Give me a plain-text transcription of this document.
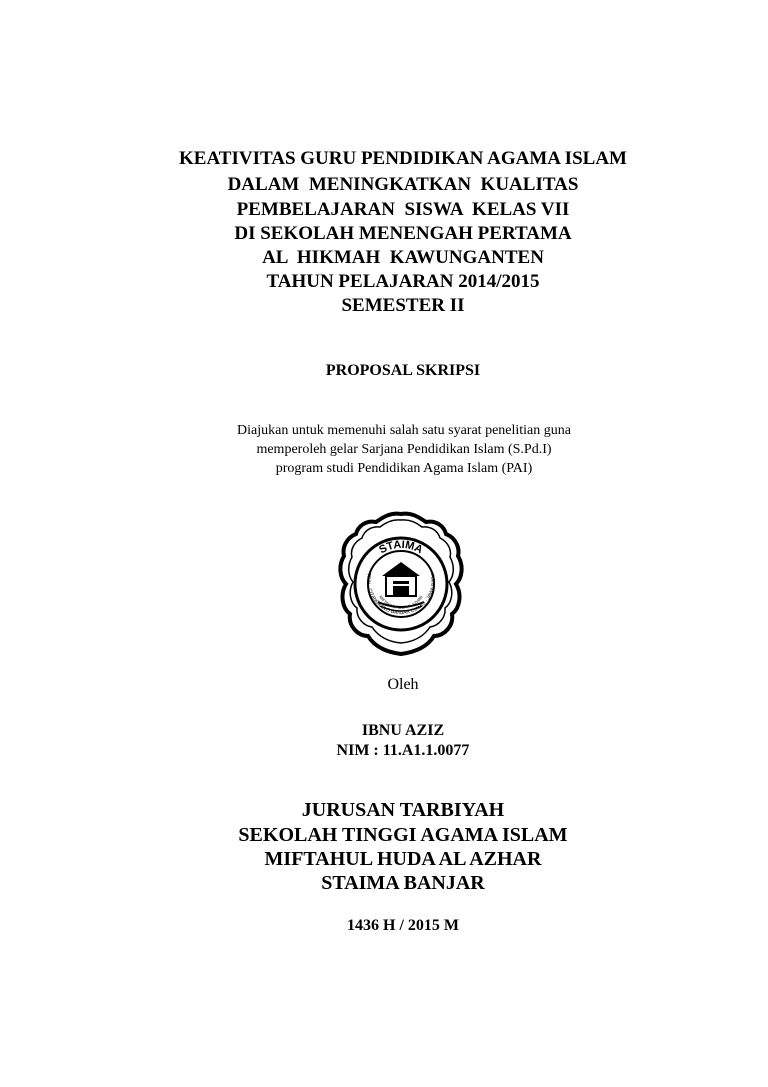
KEATIVITAS GURU PENDIDIKAN AGAMA ISLAM
DALAM  MENINGKATKAN  KUALITAS
PEMBELAJARAN  SISWA  KELAS VII
DI SEKOLAH MENENGAH PERTAMA
AL  HIKMAH  KAWUNGANTEN
TAHUN PELAJARAN 2014/2015
SEMESTER II
PROPOSAL SKRIPSI
Diajukan untuk memenuhi salah satu syarat penelitian guna
memperoleh gelar Sarjana Pendidikan Islam (S.Pd.I)
program studi Pendidikan Agama Islam (PAI)
STAIMA
TRIN · CITANGKOLO BANJAR CIAMIS · JAWA BARA
MIFTAHUL HUDA AL AZHAR
Oleh
IBNU AZIZ
NIM : 11.A1.1.0077
JURUSAN TARBIYAH
SEKOLAH TINGGI AGAMA ISLAM
MIFTAHUL HUDA AL AZHAR
STAIMA BANJAR
1436 H / 2015 M
